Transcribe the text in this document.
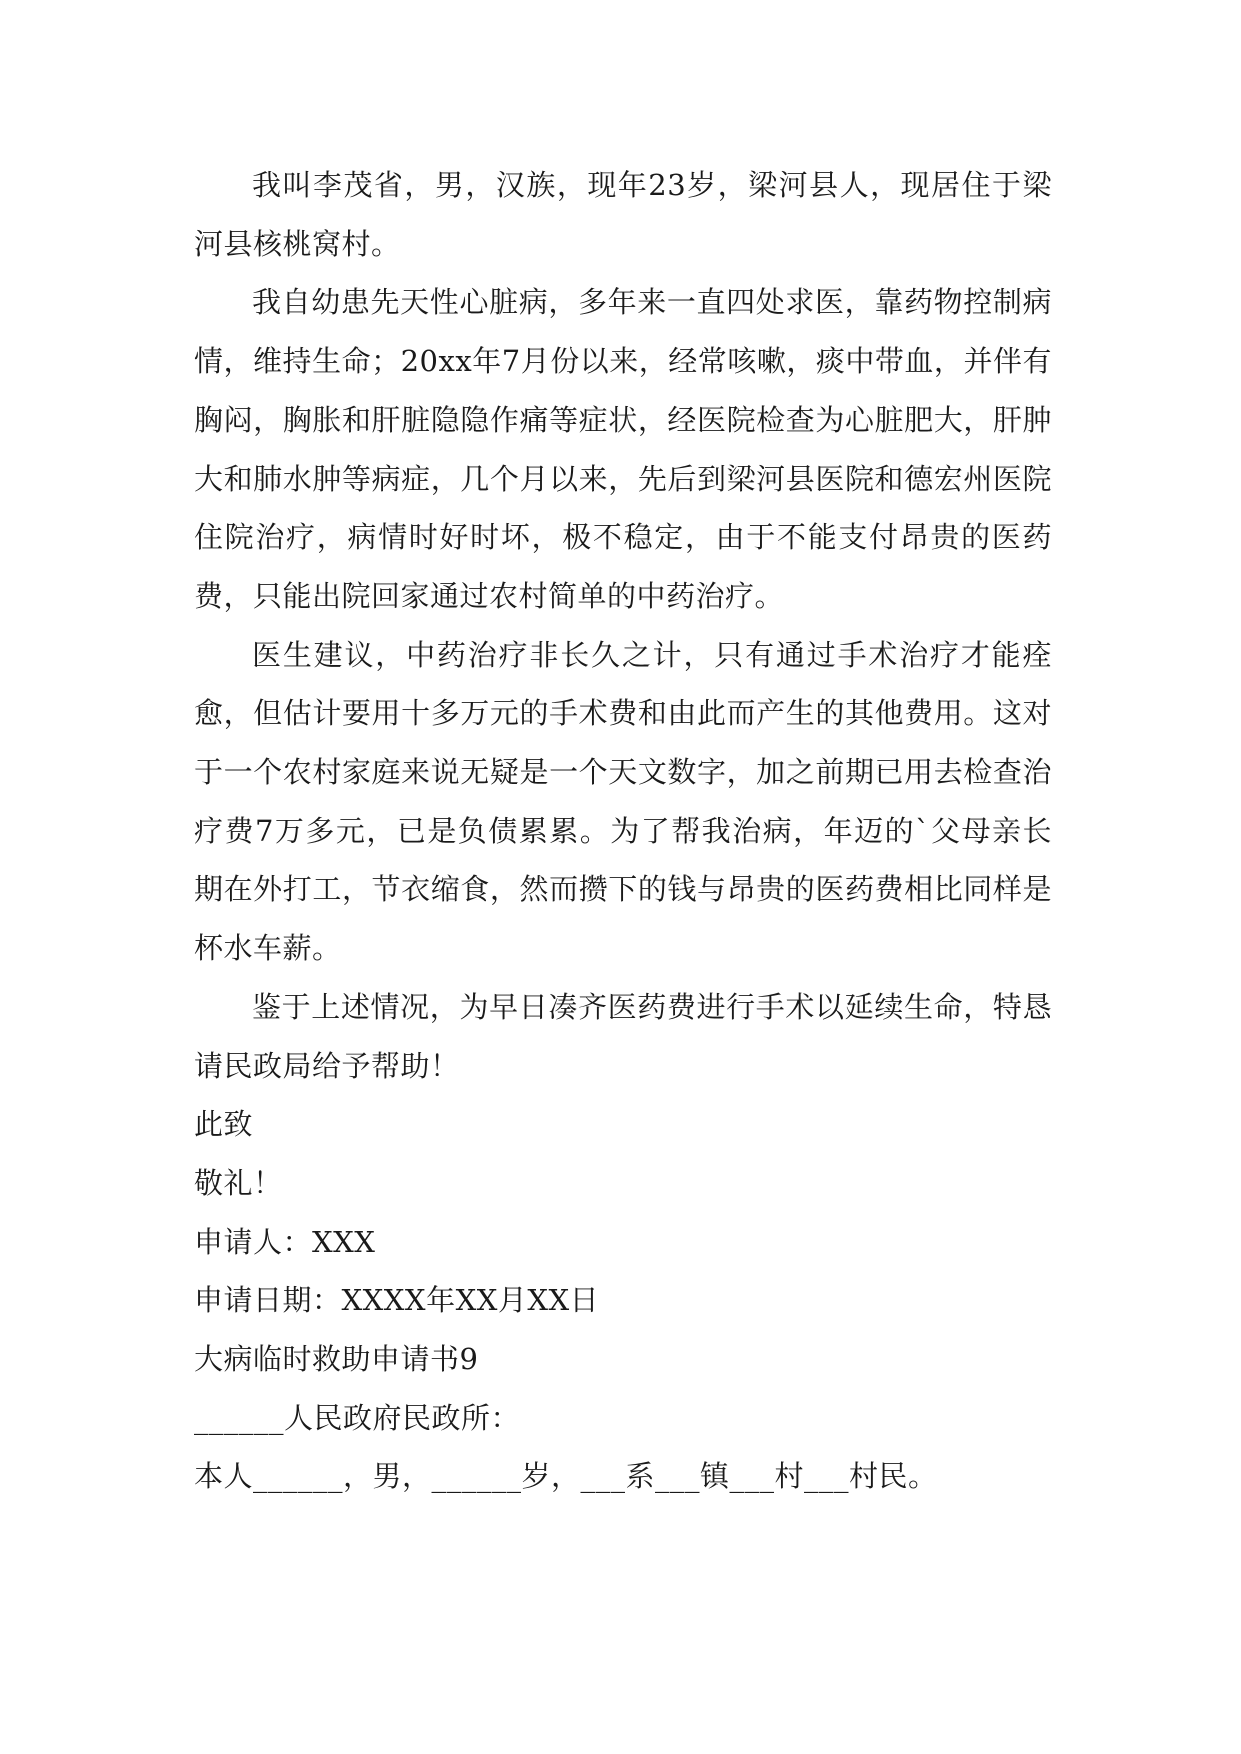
我叫李茂省，男，汉族，现年23岁，梁河县人，现居住于梁河县核桃窝村。

我自幼患先天性心脏病，多年来一直四处求医，靠药物控制病情，维持生命；20xx年7月份以来，经常咳嗽，痰中带血，并伴有胸闷，胸胀和肝脏隐隐作痛等症状，经医院检查为心脏肥大，肝肿大和肺水肿等病症，几个月以来，先后到梁河县医院和德宏州医院住院治疗，病情时好时坏，极不稳定，由于不能支付昂贵的医药费，只能出院回家通过农村简单的中药治疗。

医生建议，中药治疗非长久之计，只有通过手术治疗才能痊愈，但估计要用十多万元的手术费和由此而产生的其他费用。这对于一个农村家庭来说无疑是一个天文数字，加之前期已用去检查治疗费7万多元，已是负债累累。为了帮我治病，年迈的`父母亲长期在外打工，节衣缩食，然而攒下的钱与昂贵的医药费相比同样是杯水车薪。

鉴于上述情况，为早日凑齐医药费进行手术以延续生命，特恳请民政局给予帮助！

此致

敬礼！

申请人：XXX

申请日期：XXXX年XX月XX日

大病临时救助申请书9

______人民政府民政所：

本人______，男，______岁，___系___镇___村___村民。
